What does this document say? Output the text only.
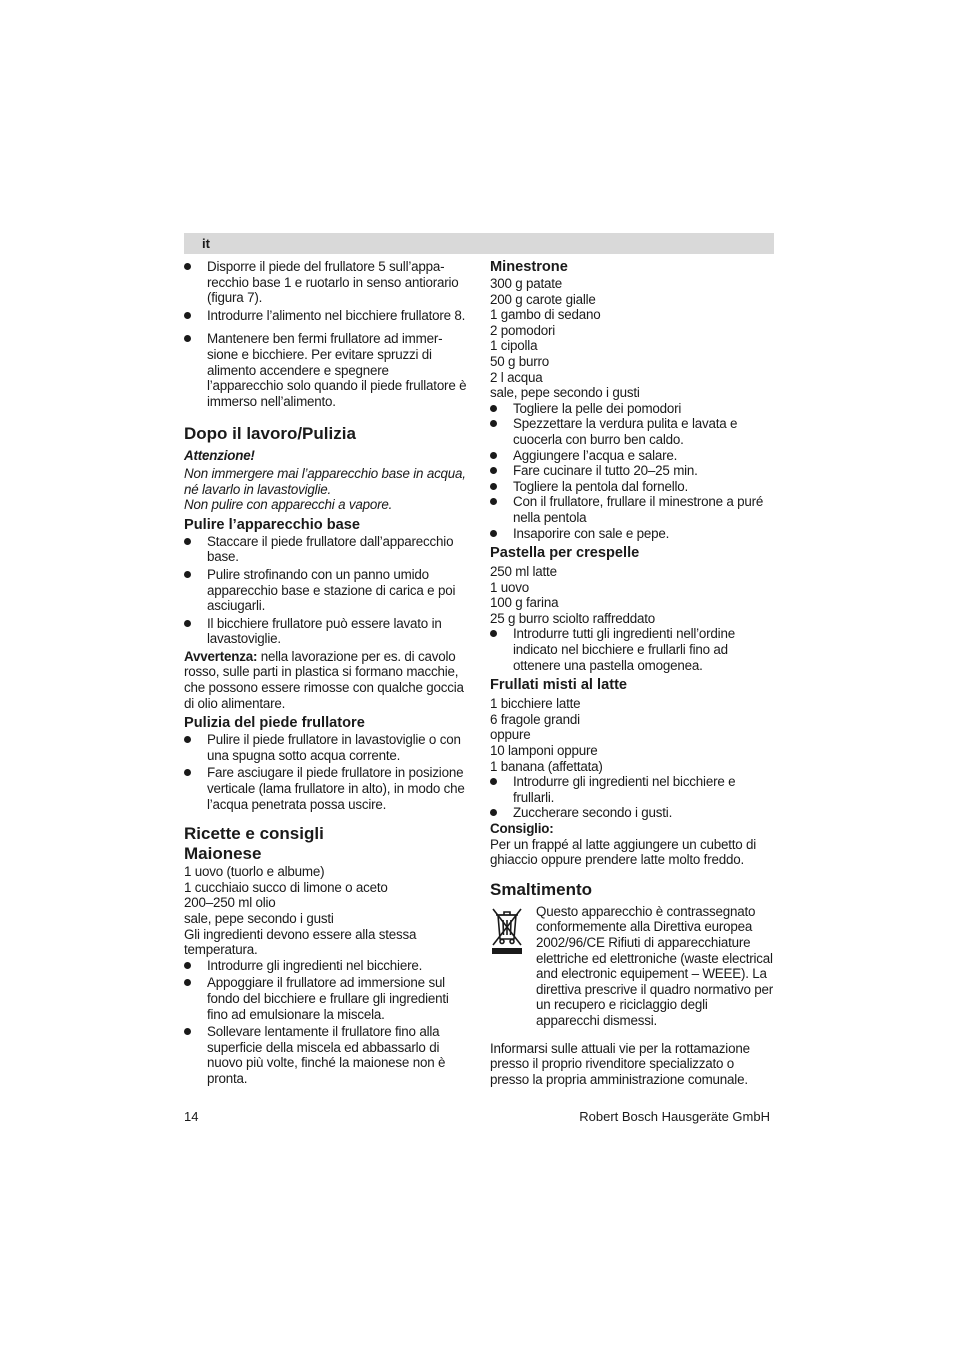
it
Disporre il piede del frullatore 5 sull’appa-recchio base 1 e ruotarlo in senso antiorario (figura 7).
Introdurre l’alimento nel bicchiere frullatore 8.
Mantenere ben fermi frullatore ad immer-sione e bicchiere. Per evitare spruzzi di alimento accendere e spegnere l’apparecchio solo quando il piede frullatore è immerso nell’alimento.
Dopo il lavoro/Pulizia

Attenzione!

Non immergere mai l’apparecchio base in acqua, né lavarlo in lavastoviglie.

Non pulire con apparecchi a vapore.

Pulire l’apparecchio base
Staccare il piede frullatore dall’apparecchio base.
Pulire strofinando con un panno umido apparecchio base e stazione di carica e poi asciugarli.
Il bicchiere frullatore può essere lavato in lavastoviglie.

Avvertenza: nella lavorazione per es. di cavolo rosso, sulle parti in plastica si formano macchie, che possono essere rimosse con qualche goccia di olio alimentare.

Pulizia del piede frullatore
Pulire il piede frullatore in lavastoviglie o con una spugna sotto acqua corrente.
Fare asciugare il piede frullatore in posizione verticale (lama frullatore in alto), in modo che l’acqua penetrata possa uscire.
Ricette e consigli
Maionese

1 uovo (tuorlo e albume)

1 cucchiaio succo di limone o aceto

200–250 ml olio

sale, pepe secondo i gusti

Gli ingredienti devono essere alla stessa temperatura.

Introdurre gli ingredienti nel bicchiere.
Appoggiare il frullatore ad immersione sul fondo del bicchiere e frullare gli ingredienti fino ad emulsionare la miscela.
Sollevare lentamente il frullatore fino alla superficie della miscela ed abbassarlo di nuovo più volte, finché la maionese non è pronta.
Minestrone

300 g patate

200 g carote gialle

1 gambo di sedano

2 pomodori

1 cipolla

50 g burro

2 l acqua

sale, pepe secondo i gusti

Togliere la pelle dei pomodori
Spezzettare la verdura pulita e lavata e cuocerla con burro ben caldo.
Aggiungere l’acqua e salare.
Fare cucinare il tutto 20–25 min.
Togliere la pentola dal fornello.
Con il frullatore, frullare il minestrone a puré nella pentola
Insaporire con sale e pepe.
Pastella per crespelle

250 ml latte

1 uovo

100 g farina

25 g burro sciolto raffreddato

Introdurre tutti gli ingredienti nell’ordine indicato nel bicchiere e frullarli fino ad ottenere una pastella omogenea.
Frullati misti al latte

1 bicchiere latte

6 fragole grandi

oppure

10 lamponi oppure

1 banana (affettata)

Introdurre gli ingredienti nel bicchiere e frullarli.
Zuccherare secondo i gusti.

Consiglio:

Per un frappé al latte aggiungere un cubetto di ghiaccio oppure prendere latte molto freddo.

Smaltimento

Questo apparecchio è contrassegnato conformemente alla Direttiva europea 2002/96/CE Rifiuti di apparecchiature elettriche ed elettroniche (waste electrical and electronic equipement – WEEE). La direttiva prescrive il quadro normativo per un recupero e riciclaggio degli apparecchi dismessi.

Informarsi sulle attuali vie per la rottamazione presso il proprio rivenditore specializzato o presso la propria amministrazione comunale.

14	Robert Bosch Hausgeräte GmbH
